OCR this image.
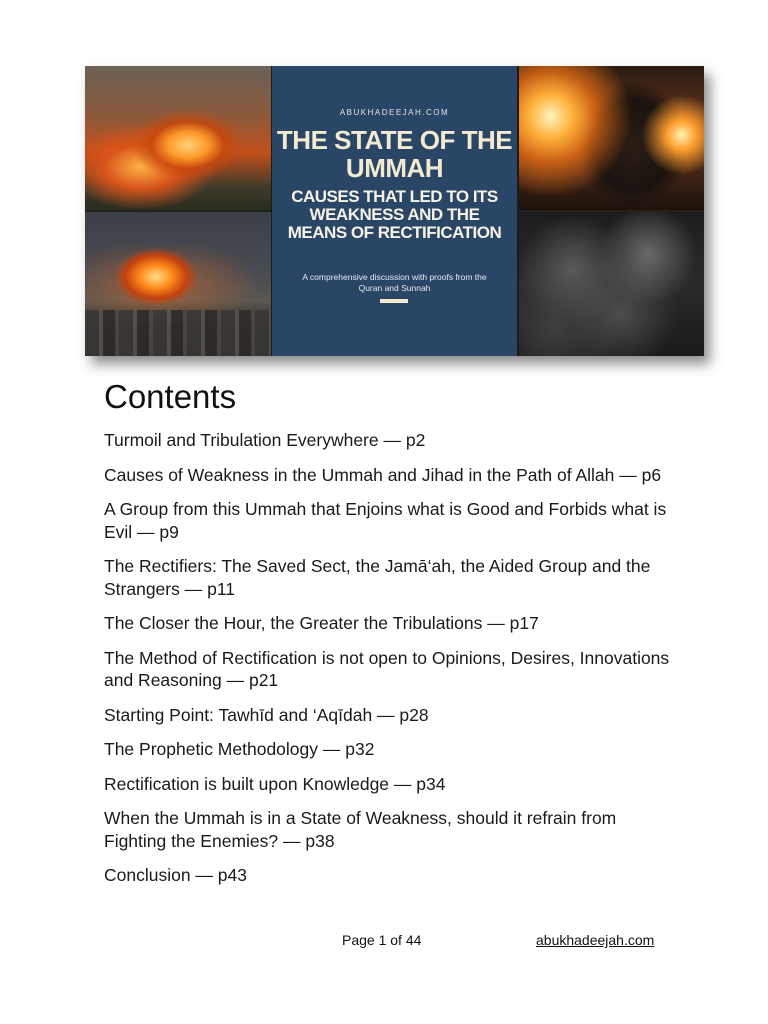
ABUKHADEEJAH.COM
THE STATE OF THE UMMAH
CAUSES THAT LED TO ITS WEAKNESS AND THE MEANS OF RECTIFICATION
A comprehensive discussion with proofs from the Quran and Sunnah
Contents
Turmoil and Tribulation Everywhere — p2
Causes of Weakness in the Ummah and Jihad in the Path of Allah — p6
A Group from this Ummah that Enjoins what is Good and Forbids what is Evil — p9
The Rectifiers: The Saved Sect, the Jamā‘ah, the Aided Group and the Strangers — p11
The Closer the Hour, the Greater the Tribulations — p17
The Method of Rectification is not open to Opinions, Desires, Innovations and Reasoning — p21
Starting Point: Tawhīd and ‘Aqīdah — p28
The Prophetic Methodology — p32
Rectification is built upon Knowledge — p34
When the Ummah is in a State of Weakness, should it refrain from Fighting the Enemies? — p38
Conclusion — p43
Page 1 of 44	abukhadeejah.com
